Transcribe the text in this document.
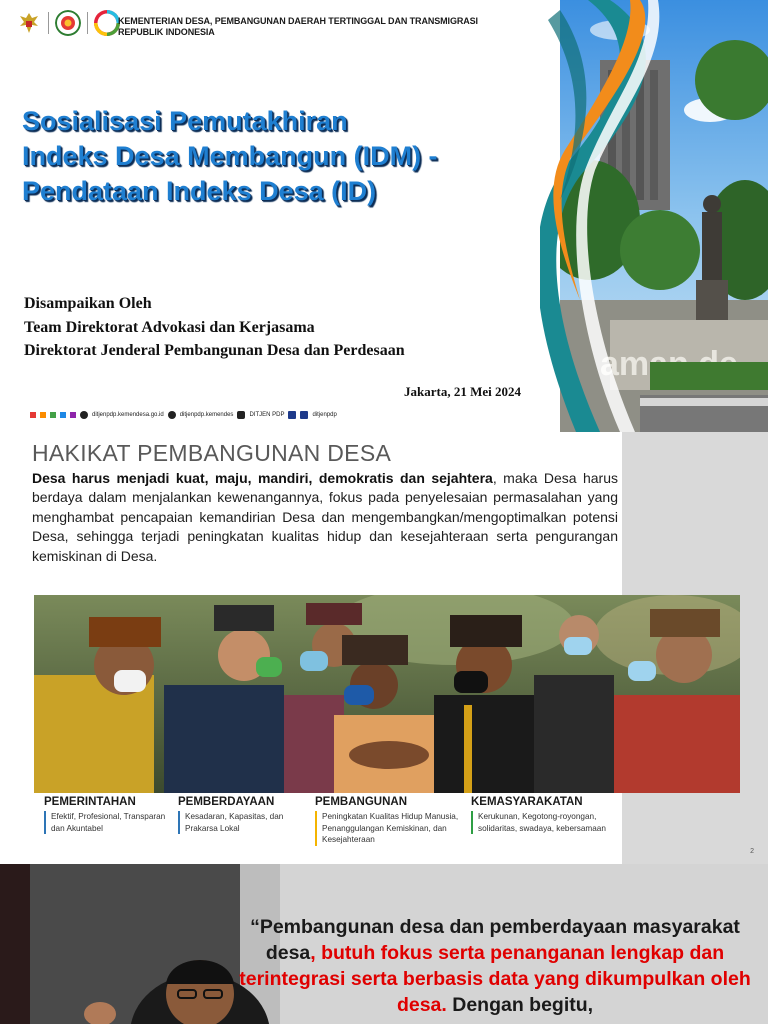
aman
KEMENTERIAN DESA, PEMBANGUNAN DAERAH TERTINGGAL DAN TRANSMIGRASI
REPUBLIK INDONESIA
Sosialisasi Pemutakhiran
Indeks Desa Membangun (IDM) -
Pendataan Indeks Desa (ID)
Disampaikan Oleh
Team Direktorat Advokasi dan Kerjasama
Direktorat Jenderal Pembangunan Desa dan Perdesaan
Jakarta, 21 Mei 2024
ditjenpdp.kemendesa.go.id	ditjenpdp.kemendes	DITJEN PDP	ditjenpdp
HAKIKAT PEMBANGUNAN DESA

Desa harus menjadi kuat, maju, mandiri, demokratis dan sejahtera, maka Desa harus berdaya dalam menjalankan kewenangannya, fokus pada penyelesaian permasalahan yang menghambat pencapaian kemandirian Desa dan mengembangkan/mengoptimalkan potensi Desa, sehingga terjadi peningkatan kualitas hidup dan kesejahteraan serta pengurangan kemiskinan di Desa.

PEMERINTAHAN
Efektif, Profesional, Transparan dan Akuntabel
PEMBERDAYAAN
Kesadaran, Kapasitas, dan Prakarsa Lokal
PEMBANGUNAN
Peningkatan Kualitas Hidup Manusia, Penanggulangan Kemiskinan, dan Kesejahteraan
KEMASYARAKATAN
Kerukunan, Kegotong-royongan, solidaritas, swadaya, kebersamaan
2
“Pembangunan desa dan pemberdayaan masyarakat desa, butuh fokus serta penanganan lengkap dan terintegrasi serta berbasis data yang dikumpulkan oleh desa. Dengan begitu,
